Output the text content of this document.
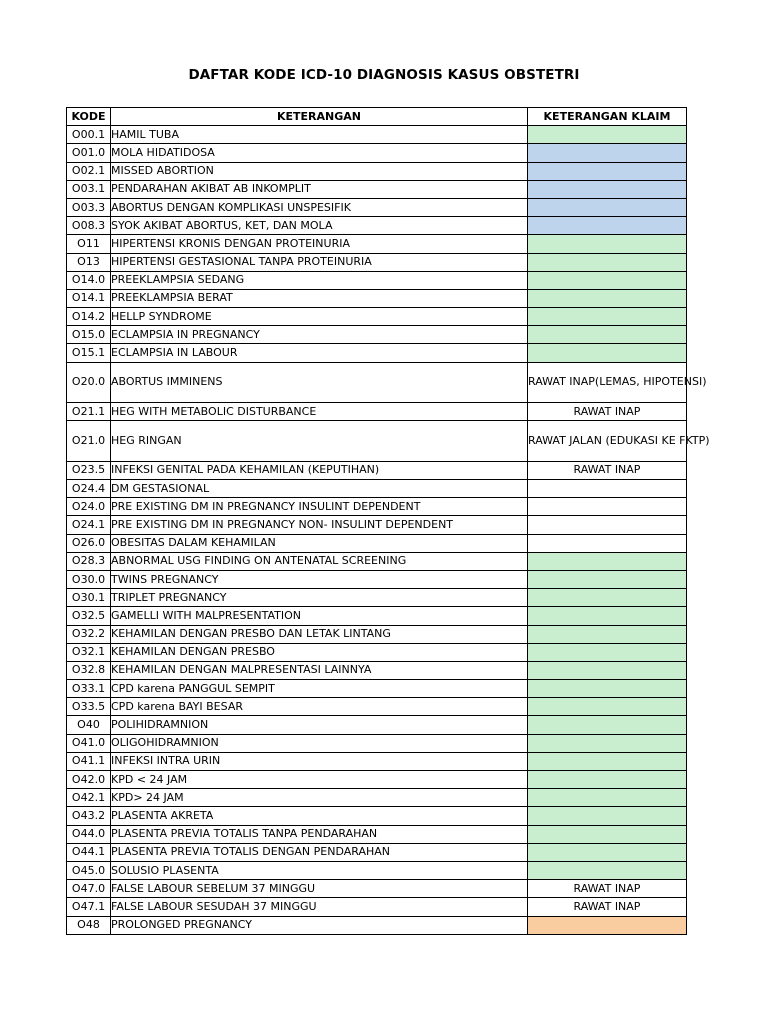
DAFTAR KODE ICD-10 DIAGNOSIS KASUS OBSTETRI
KODE	KETERANGAN	KETERANGAN KLAIM
O00.1	HAMIL TUBA	
O01.0	MOLA HIDATIDOSA	
O02.1	MISSED ABORTION	
O03.1	PENDARAHAN AKIBAT AB INKOMPLIT	
O03.3	ABORTUS DENGAN KOMPLIKASI UNSPESIFIK	
O08.3	SYOK AKIBAT ABORTUS, KET, DAN MOLA	
O11	HIPERTENSI KRONIS DENGAN PROTEINURIA	
O13	HIPERTENSI GESTASIONAL TANPA PROTEINURIA	
O14.0	PREEKLAMPSIA SEDANG	
O14.1	PREEKLAMPSIA BERAT	
O14.2	HELLP SYNDROME	
O15.0	ECLAMPSIA IN PREGNANCY	
O15.1	ECLAMPSIA IN LABOUR	
O20.0	ABORTUS IMMINENS	RAWAT INAP(LEMAS, HIPOTENSI)
O21.1	HEG WITH METABOLIC DISTURBANCE	RAWAT INAP
O21.0	HEG RINGAN	RAWAT JALAN (EDUKASI KE FKTP)
O23.5	INFEKSI GENITAL PADA KEHAMILAN (KEPUTIHAN)	RAWAT INAP
O24.4	DM GESTASIONAL	
O24.0	PRE EXISTING DM IN PREGNANCY INSULINT DEPENDENT	
O24.1	PRE EXISTING DM IN PREGNANCY NON- INSULINT DEPENDENT	
O26.0	OBESITAS DALAM KEHAMILAN	
O28.3	ABNORMAL USG FINDING ON ANTENATAL SCREENING	
O30.0	TWINS PREGNANCY	
O30.1	TRIPLET PREGNANCY	
O32.5	GAMELLI WITH MALPRESENTATION	
O32.2	KEHAMILAN DENGAN PRESBO DAN LETAK LINTANG	
O32.1	KEHAMILAN DENGAN PRESBO	
O32.8	KEHAMILAN DENGAN MALPRESENTASI LAINNYA	
O33.1	CPD karena PANGGUL SEMPIT	
O33.5	CPD karena BAYI BESAR	
O40	POLIHIDRAMNION	
O41.0	OLIGOHIDRAMNION	
O41.1	INFEKSI INTRA URIN	
O42.0	KPD < 24 JAM	
O42.1	KPD> 24 JAM	
O43.2	PLASENTA AKRETA	
O44.0	PLASENTA PREVIA TOTALIS TANPA PENDARAHAN	
O44.1	PLASENTA PREVIA TOTALIS DENGAN PENDARAHAN	
O45.0	SOLUSIO PLASENTA	
O47.0	FALSE LABOUR SEBELUM 37 MINGGU	RAWAT INAP
O47.1	FALSE LABOUR SESUDAH 37 MINGGU	RAWAT INAP
O48	PROLONGED PREGNANCY	
